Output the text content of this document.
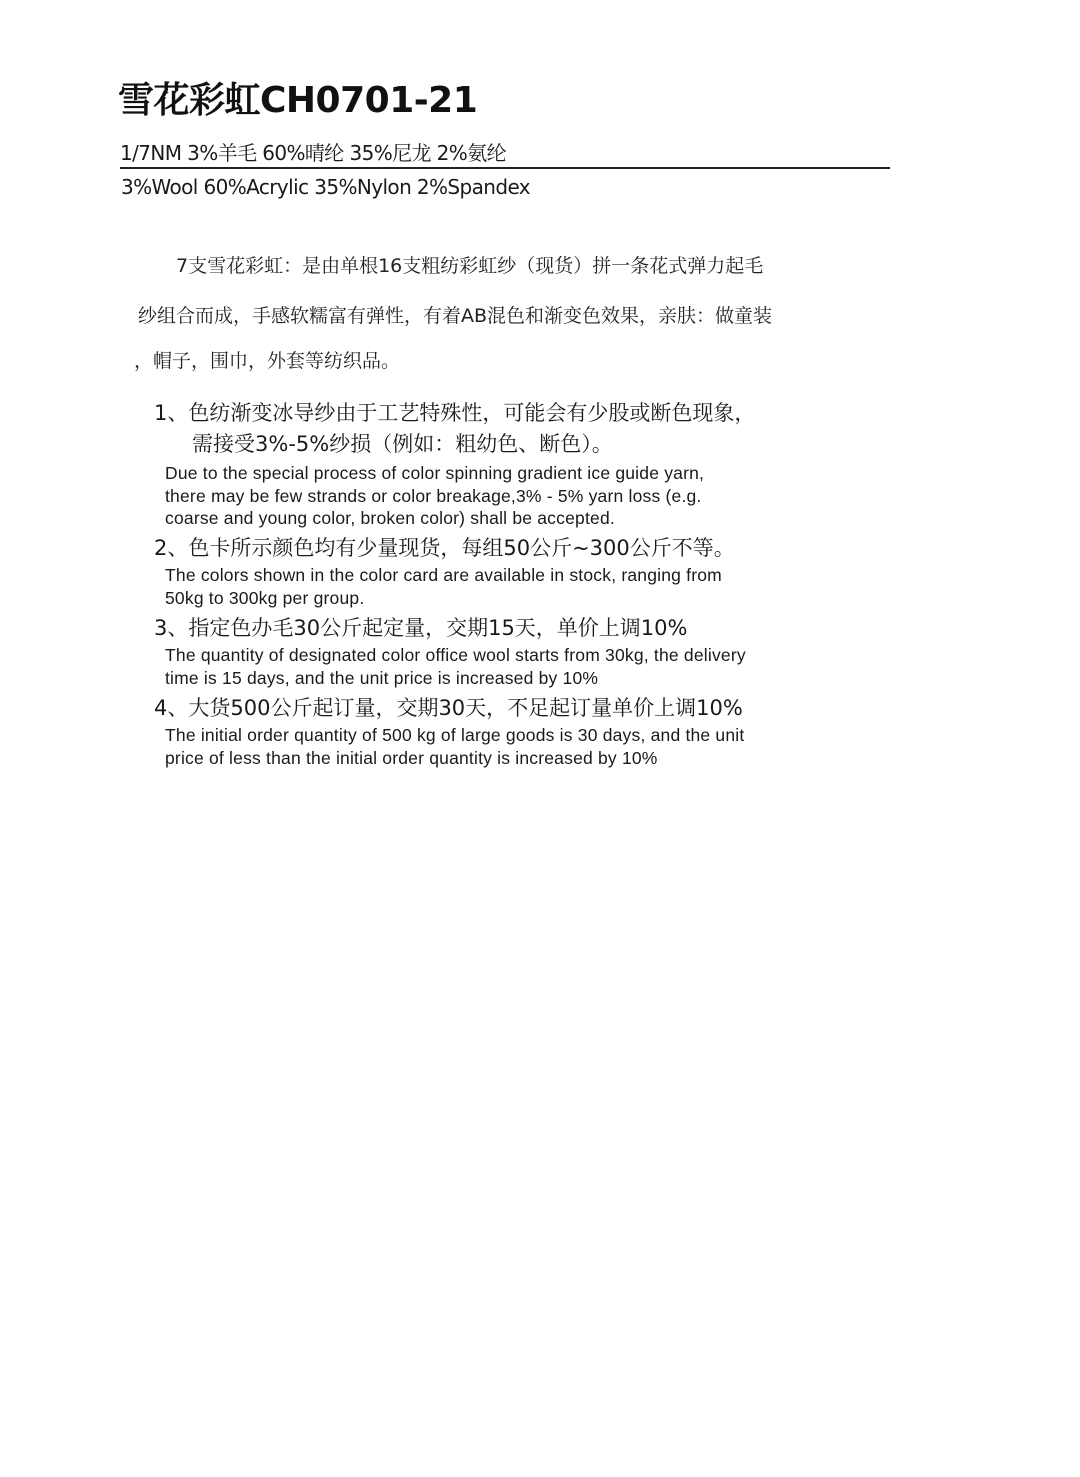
雪花彩虹CH0701-21
1/7NM 3%羊毛 60%晴纶 35%尼龙 2%氨纶
3%Wool 60%Acrylic 35%Nylon 2%Spandex
7支雪花彩虹：是由单根16支粗纺彩虹纱（现货）拼一条花式弹力起毛
纱组合而成，手感软糯富有弹性，有着AB混色和渐变色效果，亲肤：做童装
，帽子，围巾，外套等纺织品。
1、色纺渐变冰导纱由于工艺特殊性，可能会有少股或断色现象，
需接受3%-5%纱损（例如：粗幼色、断色）。
Due to the special process of color spinning gradient ice guide yarn,
there may be few strands or color breakage,3% - 5% yarn loss (e.g.
coarse and young color, broken color) shall be accepted.
2、色卡所示颜色均有少量现货，每组50公斤~300公斤不等。
The colors shown in the color card are available in stock, ranging from
50kg to 300kg per group.
3、指定色办毛30公斤起定量，交期15天，单价上调10%
The quantity of designated color office wool starts from 30kg, the delivery
time is 15 days, and the unit price is increased by 10%
4、大货500公斤起订量，交期30天，不足起订量单价上调10%
The initial order quantity of 500 kg of large goods is 30 days, and the unit
price of less than the initial order quantity is increased by 10%
